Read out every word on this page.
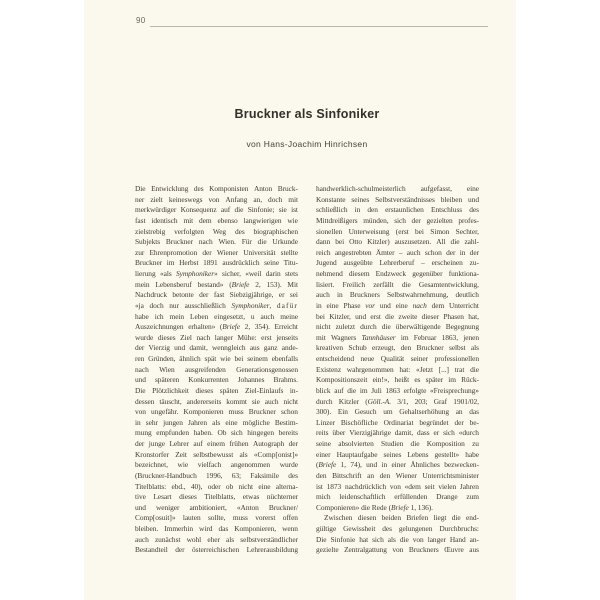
90
Bruckner als Sinfoniker
von Hans-Joachim Hinrichsen
Die Entwicklung des Komponisten Anton Bruck-
ner zielt keineswegs von Anfang an, doch mit
merkwürdiger Konsequenz auf die Sinfonie; sie ist
fast identisch mit dem ebenso langwierigen wie
zielstrebig verfolgten Weg des biographischen
Subjekts Bruckner nach Wien. Für die Urkunde
zur Ehrenpromotion der Wiener Universität stellte
Bruckner im Herbst 1891 ausdrücklich seine Titu-
lierung «als Symphoniker» sicher, «weil darin stets
mein Lebensberuf bestand» (Briefe 2, 153). Mit
Nachdruck betonte der fast Siebzigjährige, er sei
«ja doch nur ausschließlich Symphoniker, dafür
habe ich mein Leben eingesetzt, u auch meine
Auszeichnungen erhalten» (Briefe 2, 354). Erreicht
wurde dieses Ziel nach langer Mühe: erst jenseits
der Vierzig und damit, wenngleich aus ganz ande-
ren Gründen, ähnlich spät wie bei seinem ebenfalls
nach Wien ausgreifenden Generationsgenossen
und späteren Konkurrenten Johannes Brahms.
Die Plötzlichkeit dieses späten Ziel-Einlaufs in-
dessen täuscht, andererseits kommt sie auch nicht
von ungefähr. Komponieren muss Bruckner schon
in sehr jungen Jahren als eine mögliche Bestim-
mung empfunden haben. Ob sich hingegen bereits
der junge Lehrer auf einem frühen Autograph der
Kronstorfer Zeit selbstbewusst als «Comp[onist]»
bezeichnet, wie vielfach angenommen wurde
(Bruckner-Handbuch 1996, 63; Faksimile des
Titelblatts: ebd., 40), oder ob nicht eine alterna-
tive Lesart dieses Titelblatts, etwas nüchterner
und weniger ambitioniert, «Anton Bruckner/
Comp[osuit]» lauten sollte, muss vorerst offen
bleiben. Immerhin wird das Komponieren, wenn
auch zunächst wohl eher als selbstverständlicher
Bestandteil der österreichischen Lehrerausbildung
handwerklich-schulmeisterlich aufgefasst, eine
Konstante seines Selbstverständnisses bleiben und
schließlich in den erstaunlichen Entschluss des
Mittdreißigers münden, sich der gezielten profes-
sionellen Unterweisung (erst bei Simon Sechter,
dann bei Otto Kitzler) auszusetzen. All die zahl-
reich angestrebten Ämter – auch schon der in der
Jugend ausgeübte Lehrerberuf – erscheinen zu-
nehmend diesem Endzweck gegenüber funktiona-
lisiert. Freilich zerfällt die Gesamtentwicklung,
auch in Bruckners Selbstwahrnehmung, deutlich
in eine Phase vor und eine nach dem Unterricht
bei Kitzler, und erst die zweite dieser Phasen hat,
nicht zuletzt durch die überwältigende Begegnung
mit Wagners Tannhäuser im Februar 1863, jenen
kreativen Schub erzeugt, den Bruckner selbst als
entscheidend neue Qualität seiner professionellen
Existenz wahrgenommen hat: «Jetzt [...] trat die
Kompositionszeit ein!», heißt es später im Rück-
blick auf die im Juli 1863 erfolgte «Freisprechung»
durch Kitzler (Göll.-A. 3/1, 203; Graf 1901/02,
300). Ein Gesuch um Gehaltserhöhung an das
Linzer Bischöfliche Ordinariat begründet der be-
reits über Vierzigjährige damit, dass er sich «durch
seine absolvierten Studien die Komposition zu
einer Hauptaufgabe seines Lebens gestellt» habe
(Briefe 1, 74), und in einer Ähnliches bezwecken-
den Bittschrift an den Wiener Unterrichtsminister
ist 1873 nachdrücklich von «dem seit vielen Jahren
mich leidenschaftlich erfüllenden Drange zum
Componieren» die Rede (Briefe 1, 136).
Zwischen diesen beiden Briefen liegt die end-
gültige Gewissheit des gelungenen Durchbruchs:
Die Sinfonie hat sich als die von langer Hand an-
gezielte Zentralgattung von Bruckners Œuvre aus
